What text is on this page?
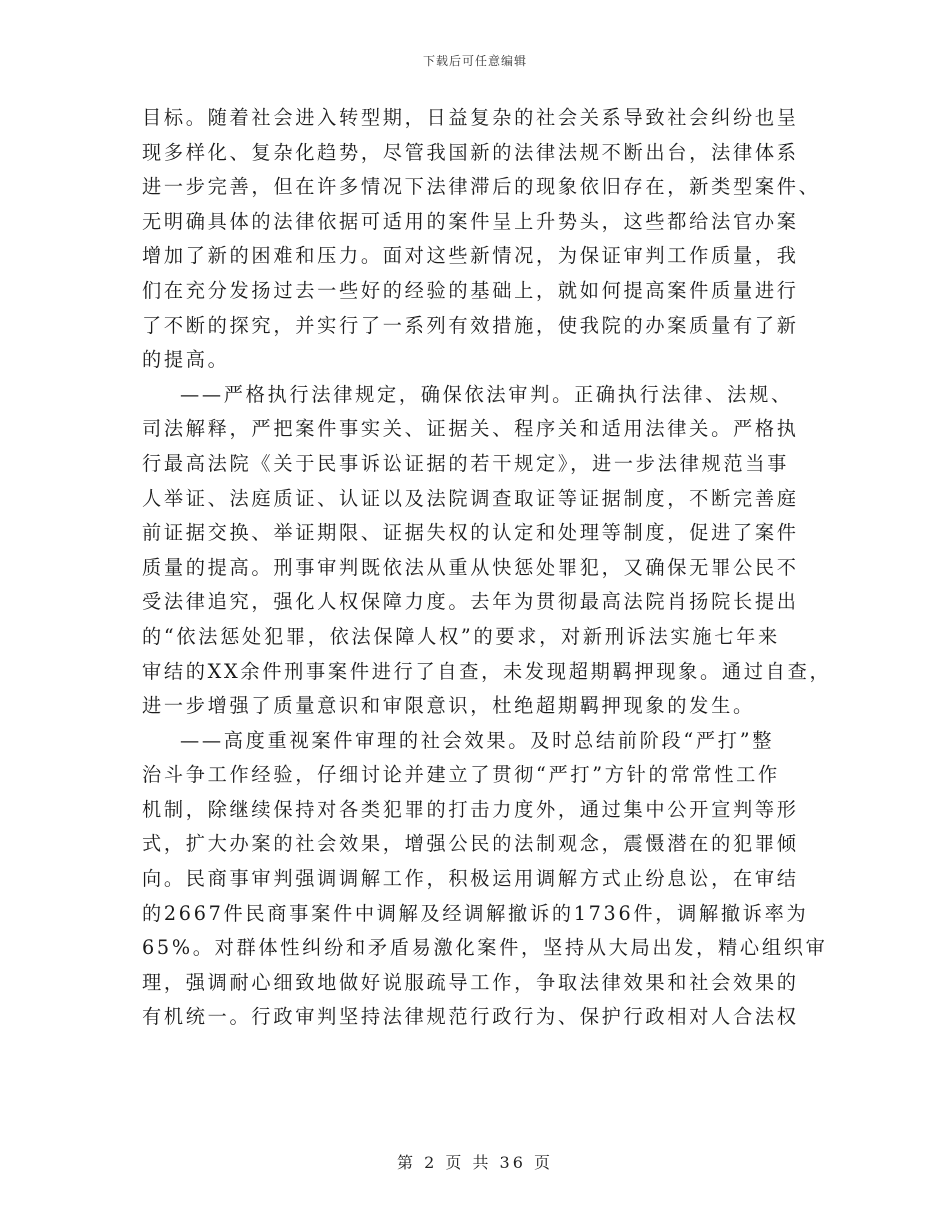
下载后可任意编辑
目标。随着社会进入转型期，日益复杂的社会关系导致社会纠纷也呈
现多样化、复杂化趋势，尽管我国新的法律法规不断出台，法律体系
进一步完善，但在许多情况下法律滞后的现象依旧存在，新类型案件、
无明确具体的法律依据可适用的案件呈上升势头，这些都给法官办案
增加了新的困难和压力。面对这些新情况，为保证审判工作质量，我
们在充分发扬过去一些好的经验的基础上，就如何提高案件质量进行
了不断的探究，并实行了一系列有效措施，使我院的办案质量有了新
的提高。
——严格执行法律规定，确保依法审判。正确执行法律、法规、
司法解释，严把案件事实关、证据关、程序关和适用法律关。严格执
行最高法院《关于民事诉讼证据的若干规定》，进一步法律规范当事
人举证、法庭质证、认证以及法院调查取证等证据制度，不断完善庭
前证据交换、举证期限、证据失权的认定和处理等制度，促进了案件
质量的提高。刑事审判既依法从重从快惩处罪犯，又确保无罪公民不
受法律追究，强化人权保障力度。去年为贯彻最高法院肖扬院长提出
的“依法惩处犯罪，依法保障人权”的要求，对新刑诉法实施七年来
审结的XX余件刑事案件进行了自查，未发现超期羁押现象。通过自查，
进一步增强了质量意识和审限意识，杜绝超期羁押现象的发生。
——高度重视案件审理的社会效果。及时总结前阶段“严打”整
治斗争工作经验，仔细讨论并建立了贯彻“严打”方针的常常性工作
机制，除继续保持对各类犯罪的打击力度外，通过集中公开宣判等形
式，扩大办案的社会效果，增强公民的法制观念，震慑潜在的犯罪倾
向。民商事审判强调调解工作，积极运用调解方式止纷息讼，在审结
的2667件民商事案件中调解及经调解撤诉的1736件，调解撤诉率为
65%。对群体性纠纷和矛盾易激化案件，坚持从大局出发，精心组织审
理，强调耐心细致地做好说服疏导工作，争取法律效果和社会效果的
有机统一。行政审判坚持法律规范行政行为、保护行政相对人合法权
第 2 页 共 36 页
